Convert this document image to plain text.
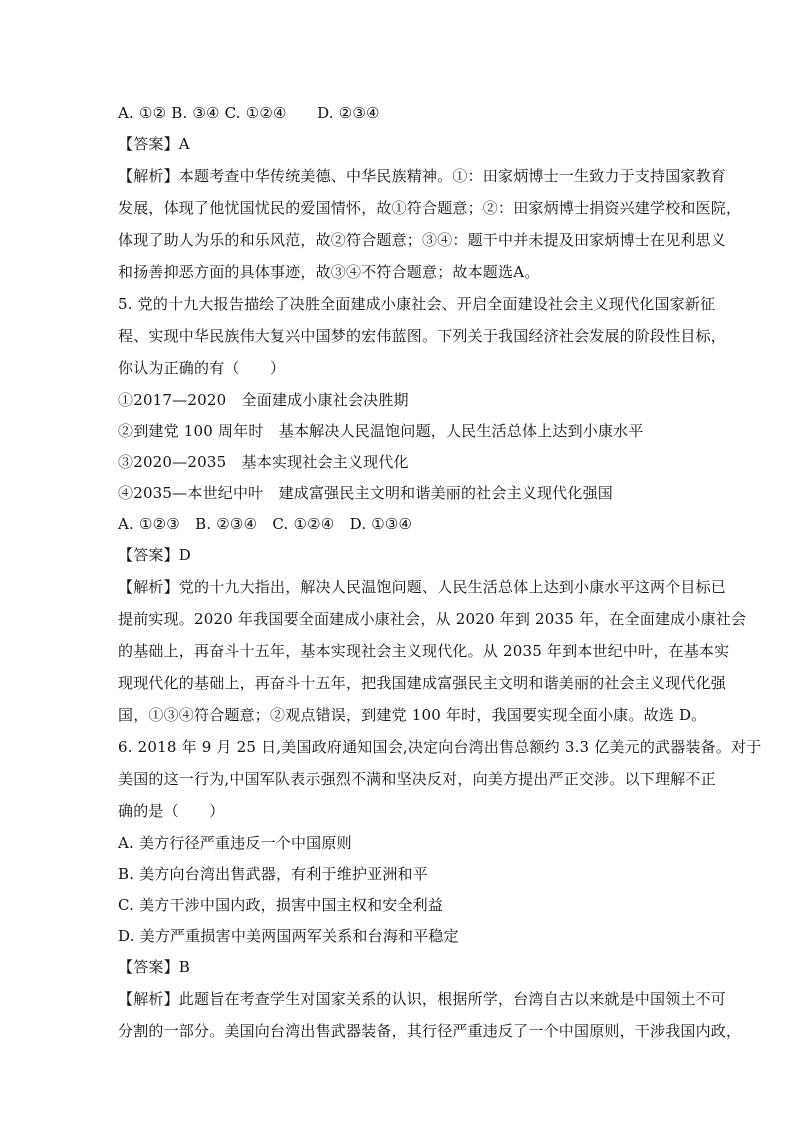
A. ①② B. ③④ C. ①②④　　D. ②③④
【答案】A
【解析】本题考查中华传统美德、中华民族精神。①：田家炳博士一生致力于支持国家教育
发展，体现了他忧国忧民的爱国情怀，故①符合题意；②：田家炳博士捐资兴建学校和医院，
体现了助人为乐的和乐风范，故②符合题意；③④：题干中并未提及田家炳博士在见利思义
和扬善抑恶方面的具体事迹，故③④不符合题意；故本题选A。
5. 党的十九大报告描绘了决胜全面建成小康社会、开启全面建设社会主义现代化国家新征
程、实现中华民族伟大复兴中国梦的宏伟蓝图。下列关于我国经济社会发展的阶段性目标，
你认为正确的有（　　）
①2017—2020　全面建成小康社会决胜期
②到建党 100 周年时　基本解决人民温饱问题，人民生活总体上达到小康水平
③2020—2035　基本实现社会主义现代化
④2035—本世纪中叶　建成富强民主文明和谐美丽的社会主义现代化强国
A. ①②③　B. ②③④　C. ①②④　D. ①③④
【答案】D
【解析】党的十九大指出，解决人民温饱问题、人民生活总体上达到小康水平这两个目标已
提前实现。2020 年我国要全面建成小康社会，从 2020 年到 2035 年，在全面建成小康社会
的基础上，再奋斗十五年，基本实现社会主义现代化。从 2035 年到本世纪中叶，在基本实
现现代化的基础上，再奋斗十五年，把我国建成富强民主文明和谐美丽的社会主义现代化强
国，①③④符合题意；②观点错误，到建党 100 年时，我国要实现全面小康。故选 D。
6. 2018 年 9 月 25 日,美国政府通知国会,决定向台湾出售总额约 3.3 亿美元的武器装备。对于
美国的这一行为,中国军队表示强烈不满和坚决反对，向美方提出严正交涉。以下理解不正
确的是（　　）
A. 美方行径严重违反一个中国原则
B. 美方向台湾出售武器，有利于维护亚洲和平
C. 美方干涉中国内政，损害中国主权和安全利益
D. 美方严重损害中美两国两军关系和台海和平稳定
【答案】B
【解析】此题旨在考查学生对国家关系的认识，根据所学，台湾自古以来就是中国领土不可
分割的一部分。美国向台湾出售武器装备，其行径严重违反了一个中国原则，干涉我国内政，
